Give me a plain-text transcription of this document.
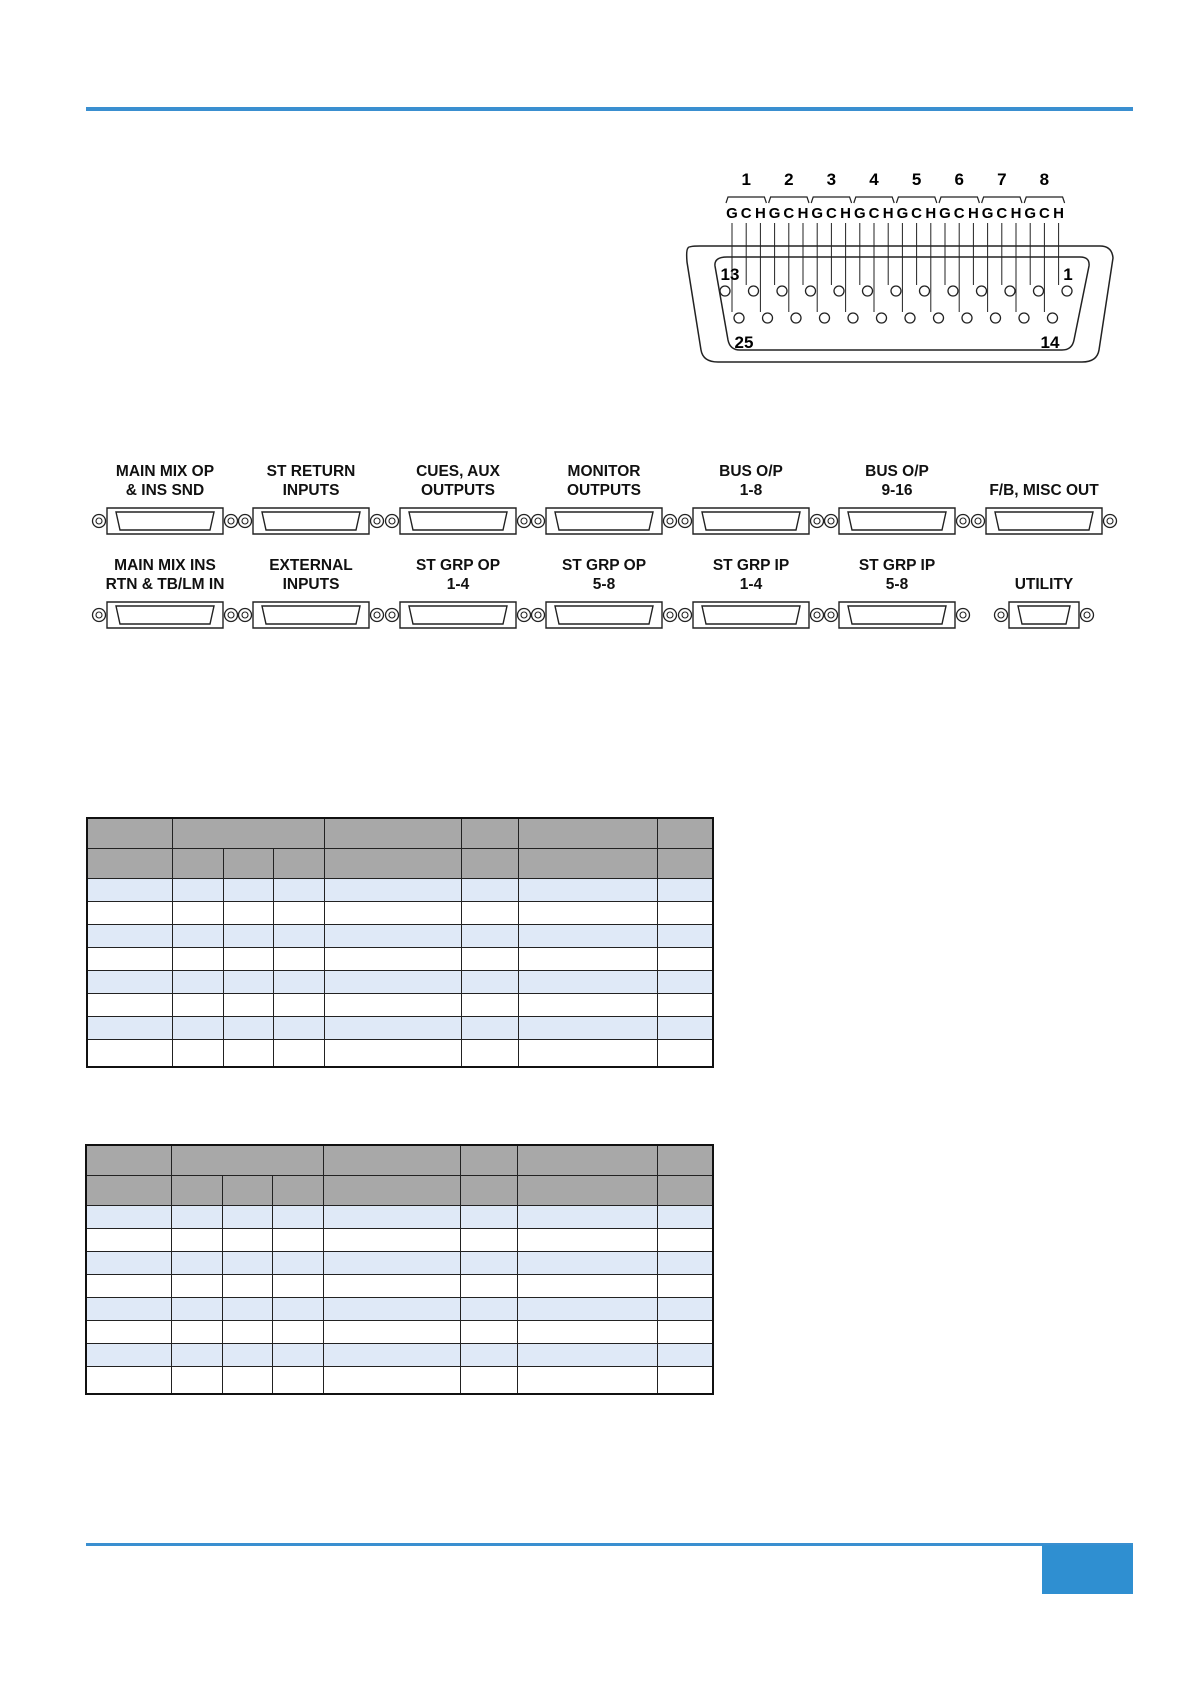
1 2 3 4 5 6 7 8
G C H G C H G C H G C H G C H G C H G C H G C H
13	1
25	14
MAIN MIX OP
& INS SND
ST RETURN
INPUTS
CUES, AUX
OUTPUTS
MONITOR
OUTPUTS
BUS O/P
1-8
BUS O/P
9-16	F/B, MISC OUT
MAIN MIX INS
RTN & TB/LM IN
EXTERNAL
INPUTS
ST GRP OP
1-4
ST GRP OP
5-8
ST GRP IP
1-4
ST GRP IP
5-8	UTILITY
